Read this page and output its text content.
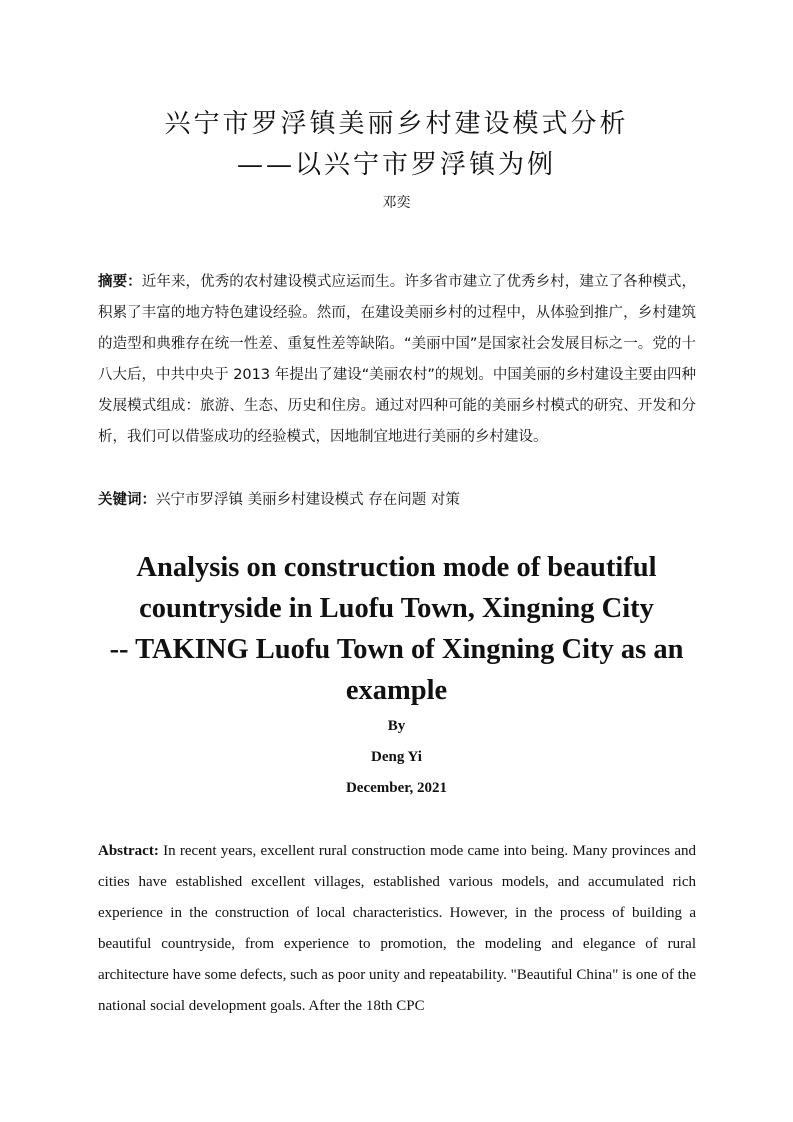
兴宁市罗浮镇美丽乡村建设模式分析
——以兴宁市罗浮镇为例

邓奕

摘要：近年来，优秀的农村建设模式应运而生。许多省市建立了优秀乡村，建立了各种模式，积累了丰富的地方特色建设经验。然而，在建设美丽乡村的过程中，从体验到推广，乡村建筑的造型和典雅存在统一性差、重复性差等缺陷。“美丽中国”是国家社会发展目标之一。党的十八大后，中共中央于 2013 年提出了建设“美丽农村”的规划。中国美丽的乡村建设主要由四种发展模式组成：旅游、生态、历史和住房。通过对四种可能的美丽乡村模式的研究、开发和分析，我们可以借鉴成功的经验模式，因地制宜地进行美丽的乡村建设。

关键词：兴宁市罗浮镇 美丽乡村建设模式 存在问题 对策

Analysis on construction mode of beautiful
countryside in Luofu Town, Xingning City
-- TAKING Luofu Town of Xingning City as an
example

By

Deng Yi

December, 2021

Abstract: In recent years, excellent rural construction mode came into being. Many provinces and cities have established excellent villages, established various models, and accumulated rich experience in the construction of local characteristics. However, in the process of building a beautiful countryside, from experience to promotion, the modeling and elegance of rural architecture have some defects, such as poor unity and repeatability. "Beautiful China" is one of the national social development goals. After the 18th CPC
